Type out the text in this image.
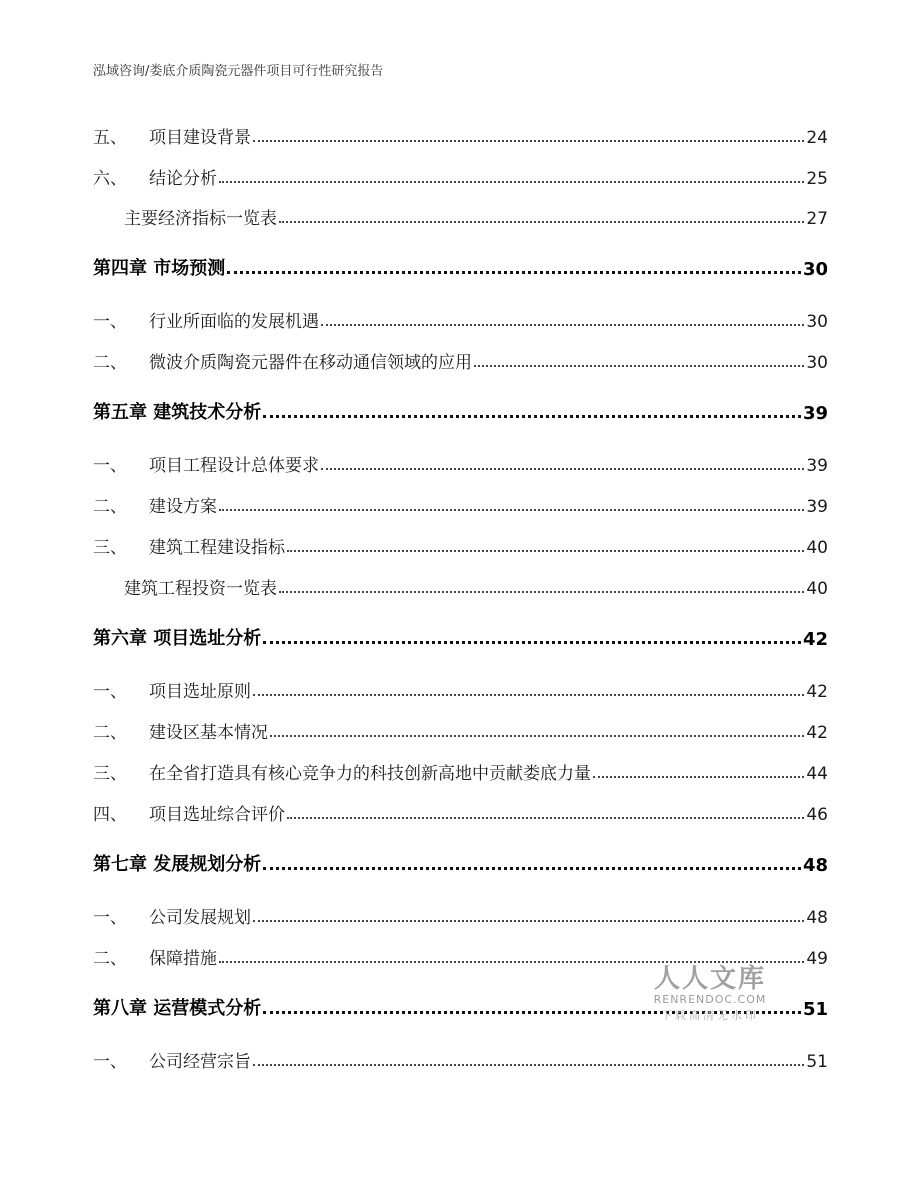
泓域咨询/娄底介质陶瓷元器件项目可行性研究报告
五、 项目建设背景	24
六、 结论分析	25
主要经济指标一览表	27
第四章 市场预测	30
一、 行业所面临的发展机遇	30
二、 微波介质陶瓷元器件在移动通信领域的应用	30
第五章 建筑技术分析	39
一、 项目工程设计总体要求	39
二、 建设方案	39
三、 建筑工程建设指标	40
建筑工程投资一览表	40
第六章 项目选址分析	42
一、 项目选址原则	42
二、 建设区基本情况	42
三、 在全省打造具有核心竞争力的科技创新高地中贡献娄底力量	44
四、 项目选址综合评价	46
第七章 发展规划分析	48
一、 公司发展规划	48
二、 保障措施	49
第八章 运营模式分析	51
一、 公司经营宗旨	51
人人文库
RENRENDOC.COM
下载高清无水印
